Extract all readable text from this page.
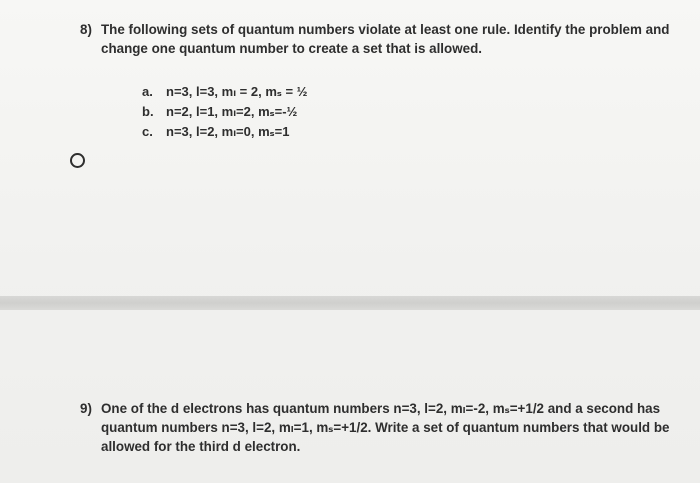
8) The following sets of quantum numbers violate at least one rule. Identify the problem and change one quantum number to create a set that is allowed.
a.	n=3, l=3, mₗ = 2, mₛ = ½
b. n=2, l=1, mₗ=2, mₛ=-½
c.	n=3, l=2, mₗ=0, mₛ=1
9) One of the d electrons has quantum numbers n=3, l=2, mₗ=-2, mₛ=+1/2 and a second has quantum numbers n=3, l=2, mₗ=1, mₛ=+1/2. Write a set of quantum numbers that would be allowed for the third d electron.
